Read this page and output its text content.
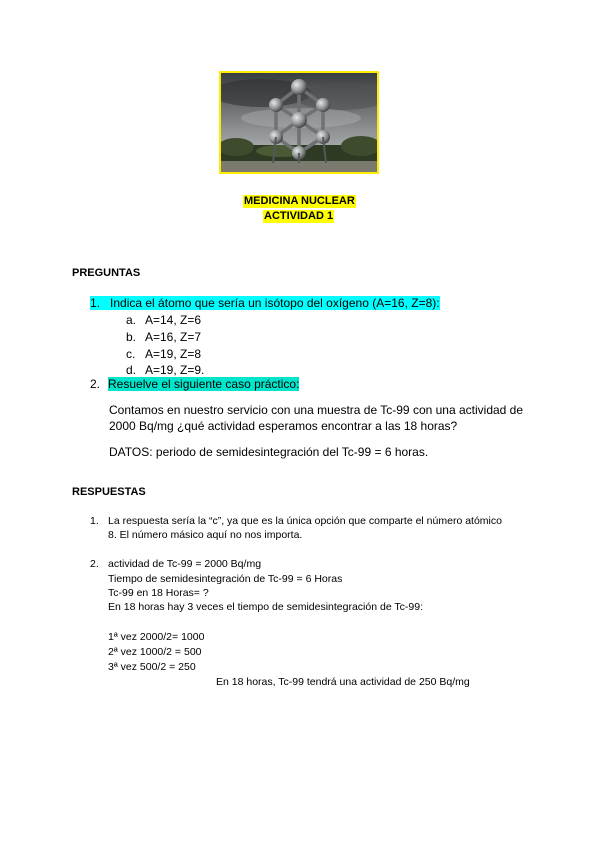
MEDICINA NUCLEAR
ACTIVIDAD 1
PREGUNTAS
1. Indica el átomo que sería un isótopo del oxígeno (A=16, Z=8):
a. A=14, Z=6
b. A=16, Z=7
c. A=19, Z=8
d. A=19, Z=9.
2. Resuelve el siguiente caso práctico:
Contamos en nuestro servicio con una muestra de Tc-99 con una actividad de
2000 Bq/mg ¿qué actividad esperamos encontrar a las 18 horas?
DATOS: periodo de semidesintegración del Tc-99 = 6 horas.
RESPUESTAS
1. La respuesta sería la “c”, ya que es la única opción que comparte el número atómico
8. El número másico aquí no nos importa.
2. actividad de Tc-99 = 2000 Bq/mg
Tiempo de semidesintegración de Tc-99 = 6 Horas
Tc-99 en 18 Horas= ?
En 18 horas hay 3 veces el tiempo de semidesintegración de Tc-99:
1ª vez 2000/2= 1000
2ª vez 1000/2 = 500
3ª vez 500/2 = 250
En 18 horas, Tc-99 tendrá una actividad de 250 Bq/mg
